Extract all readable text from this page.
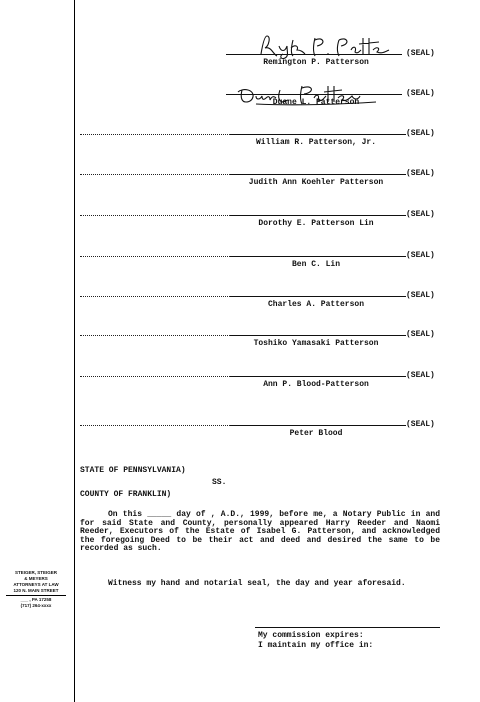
(SEAL)
Remington P. Patterson
(SEAL)
Duane L. Patterson
(SEAL)
William R. Patterson, Jr.
(SEAL)
Judith Ann Koehler Patterson
(SEAL)
Dorothy E. Patterson Lin
(SEAL)
Ben C. Lin
(SEAL)
Charles A. Patterson
(SEAL)
Toshiko Yamasaki Patterson
(SEAL)
Ann P. Blood-Patterson
(SEAL)
Peter Blood
STATE OF PENNSYLVANIA)
SS.
COUNTY OF FRANKLIN)
On this _____ day of , A.D., 1999, before me, a Notary Public in and for said State and County, personally appeared Harry Reeder and Naomi Reeder, Executors of the Estate of Isabel G. Patterson, and acknowledged the foregoing Deed to be their act and deed and desired the same to be recorded as such.
Witness my hand and notarial seal, the day and year aforesaid.
My commission expires:
I maintain my office in:
STEIGER, STEIGER
& MEYERS
ATTORNEYS AT LAW
120 N. MAIN STREET
___ , PA 17258
(717) 264-xxxx
